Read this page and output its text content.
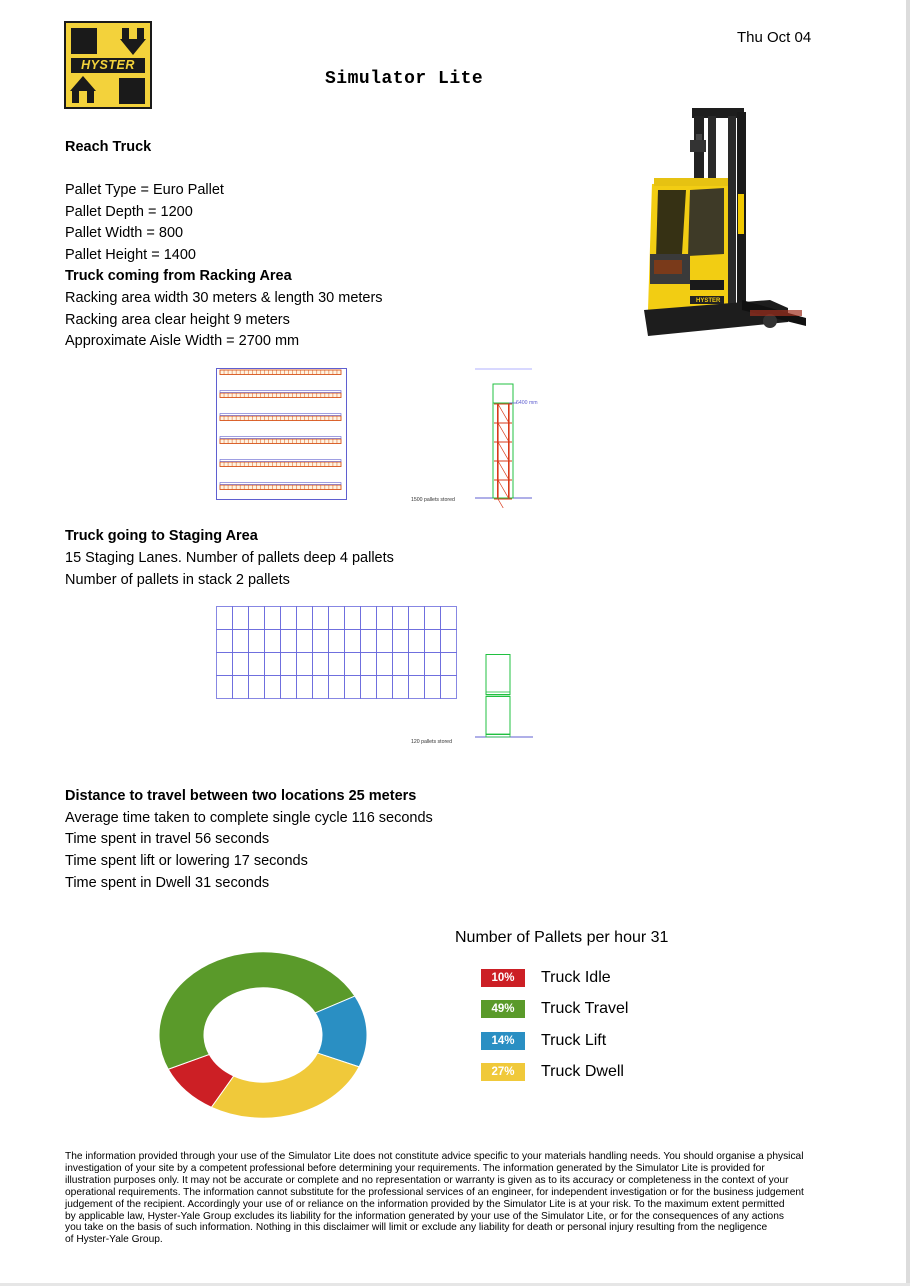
HYSTER
Thu Oct 04
Simulator Lite
Reach Truck
Pallet Type = Euro Pallet
Pallet Depth = 1200
Pallet Width = 800
Pallet Height = 1400
Truck coming from Racking Area
Racking area width 30 meters & length 30 meters
Racking area clear height 9 meters
Approximate Aisle Width = 2700 mm
HYSTER
6400 mm
1500 pallets stored
Truck going to Staging Area
15 Staging Lanes. Number of pallets deep 4 pallets
Number of pallets in stack 2 pallets
120 pallets stored
Distance to travel between two locations 25 meters
Average time taken to complete single cycle 116 seconds
Time spent in travel 56 seconds
Time spent lift or lowering 17 seconds
Time spent in Dwell 31 seconds
Number of Pallets per hour 31
10%	Truck Idle
49%	Truck Travel
14%	Truck Lift
27%	Truck Dwell
The information provided through your use of the Simulator Lite does not constitute advice specific to your materials handling needs. You should organise a physical
investigation of your site by a competent professional before determining your requirements. The information generated by the Simulator Lite is provided for
illustration purposes only. It may not be accurate or complete and no representation or warranty is given as to its accuracy or completeness in the context of your
operational requirements. The information cannot substitute for the professional services of an engineer, for independent investigation or for the business judgement
judgement of the recipient. Accordingly your use of or reliance on the information provided by the Simulator Lite is at your risk. To the maximum extent permitted
by applicable law, Hyster-Yale Group excludes its liability for the information generated by your use of the Simulator Lite, or for the consequences of any actions
you take on the basis of such information. Nothing in this disclaimer will limit or exclude any liability for death or personal injury resulting from the negligence
of Hyster-Yale Group.
